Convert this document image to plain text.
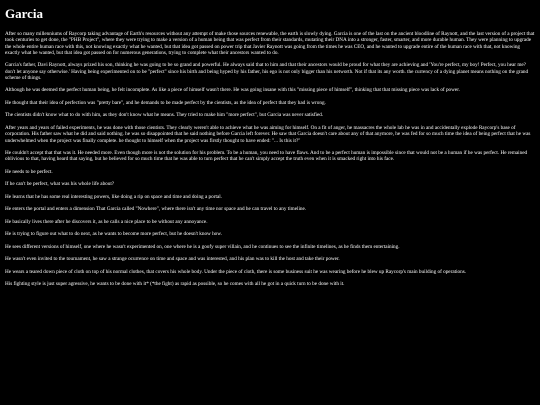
Garcia

After so many millenniums of Raycorp taking advantage of Earth's resources without any attempt of make those sources renewable, the earth is slowly dying. Garcia is one of the last on the ancient bloodline of Raynott, and the last version of a project that took centuries to get done, the "PHB Project", where they were trying to make a version of a human being that was perfect from their standards, mutating their DNA into a stronger, faster, smarter, and more durable human. They were planning to upgrade the whole entire human race with this, not knowing exactly what he wanted, but that idea got passed on power trip that Javier Raynott was going from the times he was CEO, and he wanted to upgrade entire of the human race with that, not knowing exactly what he wanted, but that idea got passed on for numerous generations, trying to complete what their ancestors wanted to do.

Garcia's father, Davi Raynott, always prized his son, thinking he was going to be so grand and powerful. He always said that to him and that their ancestors would be proud for what they are achieving and 'You're perfect, my boy! Perfect, you hear me? don't let anyone say otherwise.' Having being experimented on to be "perfect" since his birth and being hyped by his father, his ego is not only bigger than his networth. Not if that its any worth. the currency of a dying planet means nothing on the grand scheme of things.

Although he was deemed the perfect human being, he felt incomplete. As like a piece of himself wasn't there. He was going insane with this "missing piece of himself", thinking that that missing piece was lack of power.

He thought that their idea of perfection was "pretty bare", and he demands to be made perfect by the cientists, as the idea of perfect that they had is wrong.

The cientists didn't know what to do with him, as they don't know what he means. They tried to make him "more perfect", but Garcia was never satisfied.

After years and years of failed experiments, he was done with those cientists. They clearly weren't able to achieve what he was aiming for himself. On a fit of anger, he massacres the whole lab he was in and accidentally explode Raycorp's base of corporation. His father saw what he did and said nothing. he was so disappointed that he said nothing before Garcia left forever. He saw that Garcia doesn't care about any of that anymore, he was fed for so much time the idea of being perfect that he was underwhelmed when the project was finally complete. he thought to himself when the project was firstly thought to have ended: "... Is this it?"

He couldn't accept that that was it. He needed more. Even though more is not the solution for his problem. To be a human, you need to have flaws. And to be a perfect human is impossible since that would not be a human if he was perfect. He remained oblivious to that, having heard that saying, but he believed for so much time that he was able to turn perfect that he can't simply accept the truth even when it is smacked right into his face.

He needs to be perfect.

If he can't be perfect, what was his whole life about?

He learns that he has some real interesting powers, like doing a rip on space and time and doing a portal.

He enters the portal and enters a dimension That Garcia called "Nowhere", where there isn't any time nor space and he can travel to any timeline.

He basically lives there after he discovers it, as he calls a nice place to be without any annoyance.

He is trying to figure out what to do next, as he wants to become more perfect, but he doesn't know how.

He sees different versions of himself, one where he wasn't experimented on, one where he is a goofy super villain, and he continues to see the infinite timelines, as he finds them entertaining.

He wasn't even invited to the tournament, he saw a strange ocurrence on time and space and was interested, and his plan was to kill the host and take their power.

He wears a teared down piece of cloth on top of his normal clothes, that covers his whole body. Under the piece of cloth, there is some business suit he was wearing before he blew up Raycorp's main building of operations.

His fighting style is just super agressive, he wants to be done with it* (*the fight) as rapid as possible, so he comes with all he got in a quick turn to be done with it.
